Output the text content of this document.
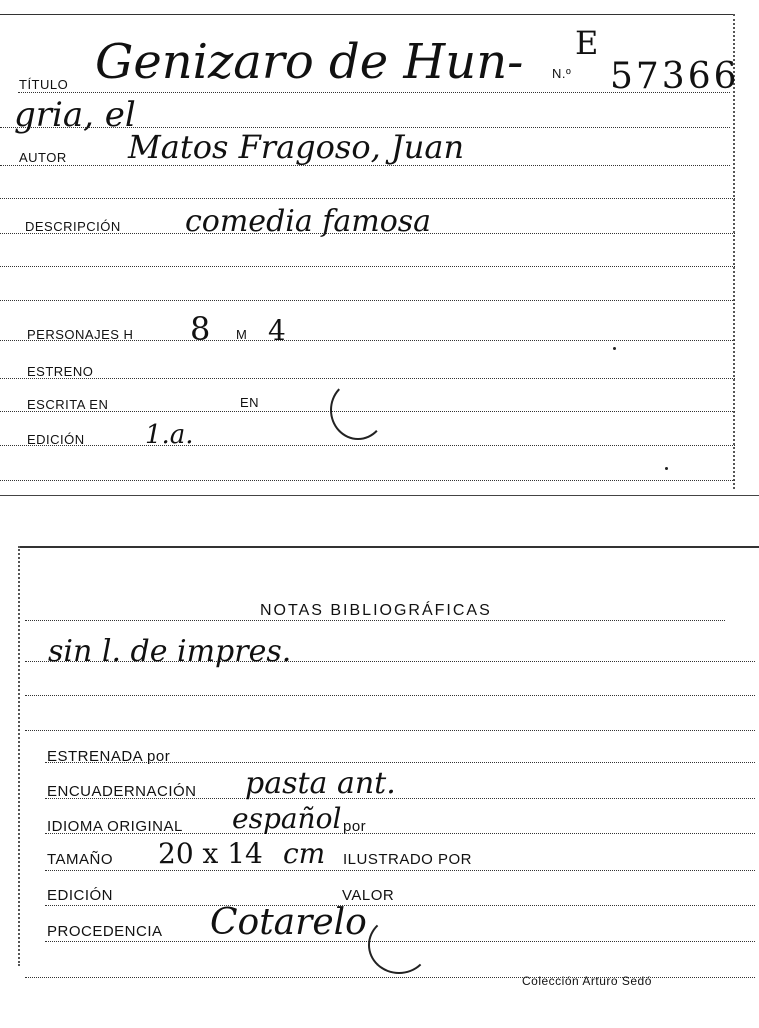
TÍTULO Genizaro de Hun-
gria, el
N.º
E
57366
AUTOR Matos Fragoso, Juan
DESCRIPCIÓN comedia famosa
PERSONAJES H 8 M 4
ESTRENO
ESCRITA EN	EN
EDICIÓN 1.a.
NOTAS BIBLIOGRÁFICAS
sin l. de impres.
ESTRENADA por
ENCUADERNACIÓN pasta ant.
IDIOMA ORIGINAL español por
TAMAÑO 20 x 14 cm ILUSTRADO POR
EDICIÓN	VALOR
PROCEDENCIA Cotarelo
Colección Arturo Sedó
